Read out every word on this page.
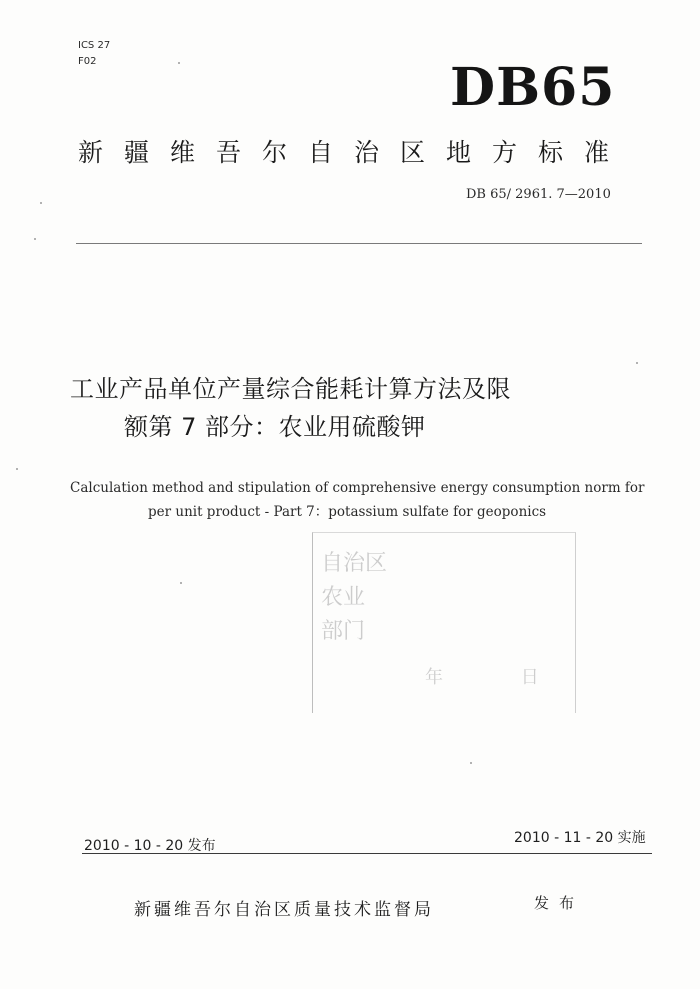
ICS 27
F02	DB65
新疆维吾尔自治区地方标准
DB 65/ 2961. 7—2010
工业产品单位产量综合能耗计算方法及限
额第 7 部分：农业用硫酸钾
Calculation method and stipulation of comprehensive energy consumption norm for
per unit product - Part 7：potassium sulfate for geoponics
自治区
农业
部门
年 日
2010 - 11 - 20 实施
2010 - 10 - 20 发布
新疆维吾尔自治区质量技术监督局	发布
